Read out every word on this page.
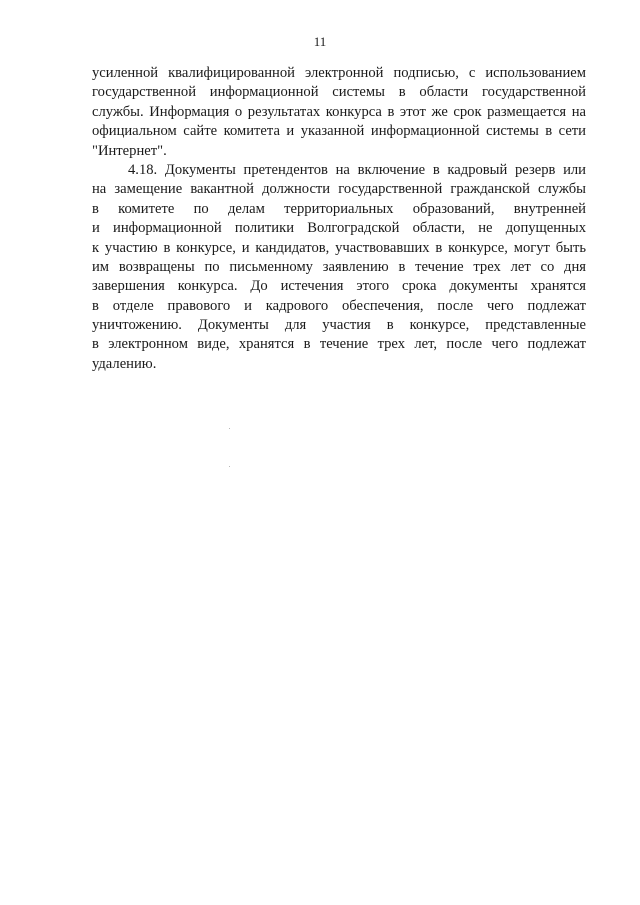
11
усиленной квалифицированной электронной подписью, с использованием
государственной информационной системы в области государственной
службы. Информация о результатах конкурса в этот же срок размещается на
официальном сайте комитета и указанной информационной системы в сети
"Интернет".
4.18. Документы претендентов на включение в кадровый резерв или
на замещение вакантной должности государственной гражданской службы
в комитете по делам территориальных образований, внутренней
и информационной политики Волгоградской области, не допущенных
к участию в конкурсе, и кандидатов, участвовавших в конкурсе, могут быть
им возвращены по письменному заявлению в течение трех лет со дня
завершения конкурса. До истечения этого срока документы хранятся
в отделе правового и кадрового обеспечения, после чего подлежат
уничтожению. Документы для участия в конкурсе, представленные
в электронном виде, хранятся в течение трех лет, после чего подлежат
удалению.
